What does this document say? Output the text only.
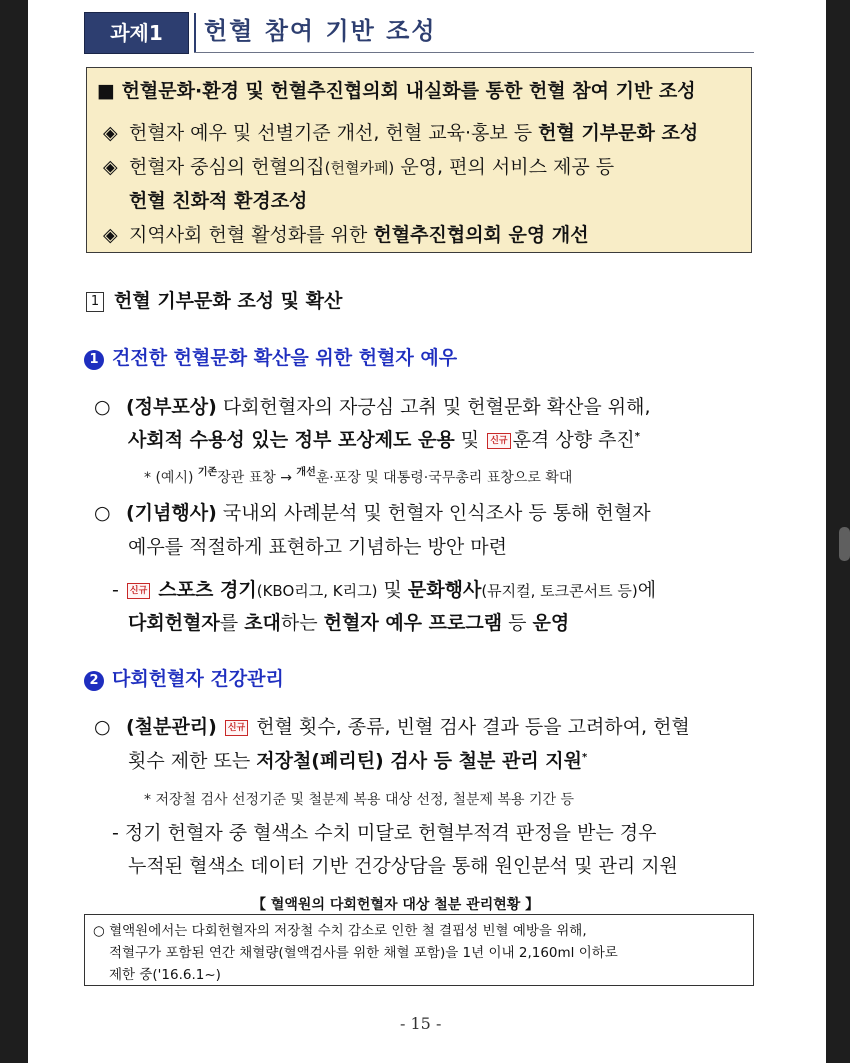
과제1	헌혈 참여 기반 조성
■ 헌혈문화·환경 및 헌혈추진협의회 내실화를 통한 헌혈 참여 기반 조성
◈ 헌혈자 예우 및 선별기준 개선, 헌혈 교육·홍보 등 헌혈 기부문화 조성
◈ 헌혈자 중심의 헌혈의집(헌혈카페) 운영, 편의 서비스 제공 등
헌혈 친화적 환경조성
◈ 지역사회 헌혈 활성화를 위한 헌혈추진협의회 운영 개선
1 헌혈 기부문화 조성 및 확산
1 건전한 헌혈문화 확산을 위한 헌혈자 예우
○ (정부포상) 다회헌혈자의 자긍심 고취 및 헌혈문화 확산을 위해,
사회적 수용성 있는 정부 포상제도 운용 및 신규 훈격 상향 추진*
* (예시) $^{기존}$장관 표창 → $^{개선}$훈·포장 및 대통령·국무총리 표창으로 확대
○ (기념행사) 국내외 사례분석 및 헌혈자 인식조사 등 통해 헌혈자
예우를 적절하게 표현하고 기념하는 방안 마련
- 신규 스포츠 경기(KBO리그, K리그) 및 문화행사(뮤지컬, 토크콘서트 등)에
다회헌혈자를 초대하는 헌혈자 예우 프로그램 등 운영
2 다회헌혈자 건강관리
○ (철분관리) 신규 헌혈 횟수, 종류, 빈혈 검사 결과 등을 고려하여, 헌혈
횟수 제한 또는 저장철(페리틴) 검사 등 철분 관리 지원*
* 저장철 검사 선정기준 및 철분제 복용 대상 선정, 철분제 복용 기간 등
- 정기 헌혈자 중 혈색소 수치 미달로 헌혈부적격 판정을 받는 경우
누적된 혈색소 데이터 기반 건강상담을 통해 원인분석 및 관리 지원
【 혈액원의 다회헌혈자 대상 철분 관리현황 】
○ 혈액원에서는 다회헌혈자의 저장철 수치 감소로 인한 철 결핍성 빈혈 예방을 위해,
적혈구가 포함된 연간 채혈량(혈액검사를 위한 채혈 포함)을 1년 이내 2,160ml 이하로
제한 중('16.6.1~)
- 15 -
